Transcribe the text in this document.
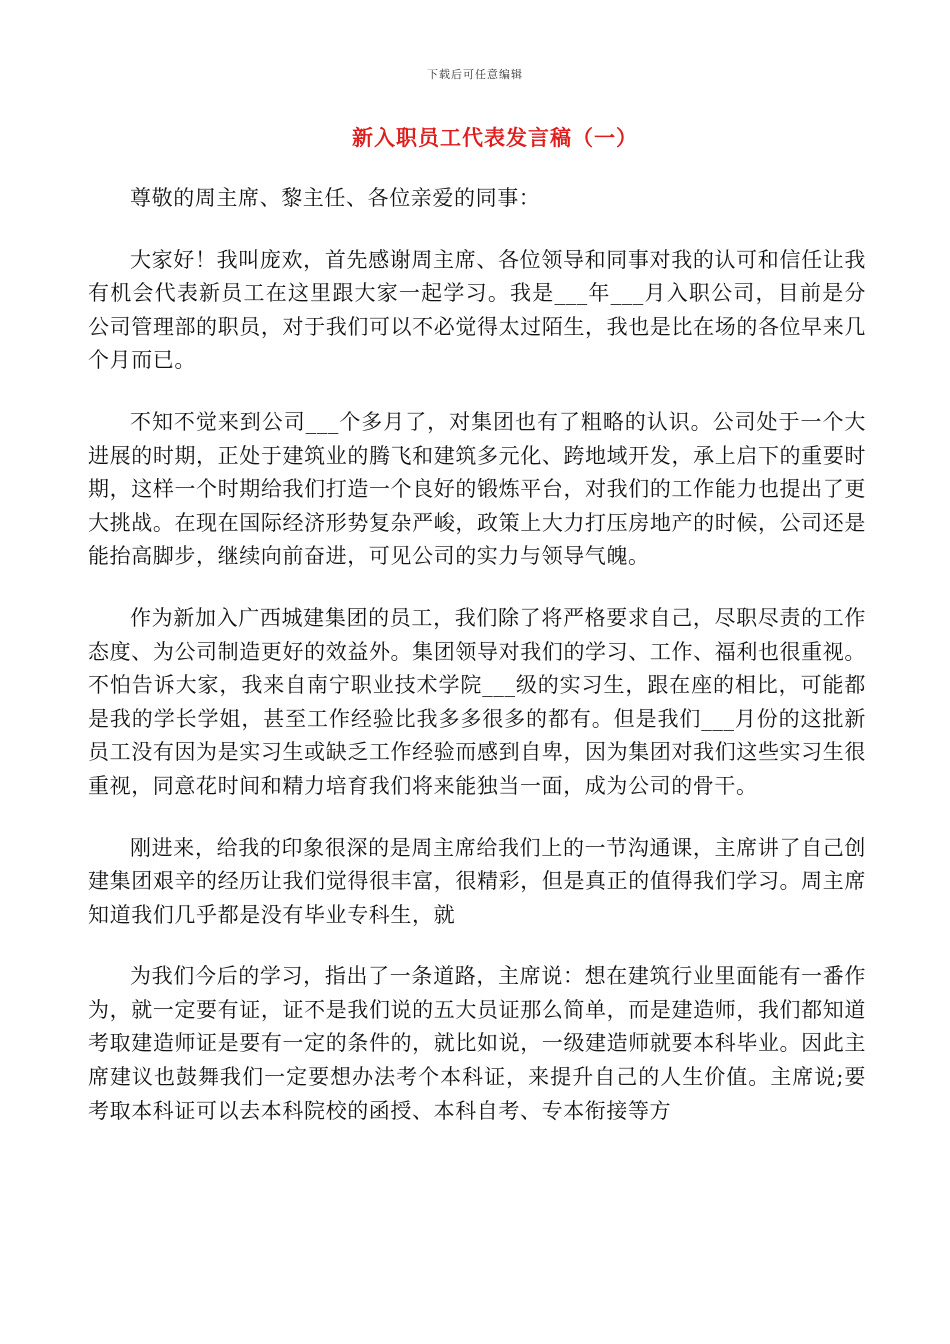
下载后可任意编辑
新入职员工代表发言稿（一）

尊敬的周主席、黎主任、各位亲爱的同事：

大家好！我叫庞欢，首先感谢周主席、各位领导和同事对我的认可和信任让我有机会代表新员工在这里跟大家一起学习。我是___年___月入职公司，目前是分公司管理部的职员，对于我们可以不必觉得太过陌生，我也是比在场的各位早来几个月而已。

不知不觉来到公司___个多月了，对集团也有了粗略的认识。公司处于一个大进展的时期，正处于建筑业的腾飞和建筑多元化、跨地域开发，承上启下的重要时期，这样一个时期给我们打造一个良好的锻炼平台，对我们的工作能力也提出了更大挑战。在现在国际经济形势复杂严峻，政策上大力打压房地产的时候，公司还是能抬高脚步，继续向前奋进，可见公司的实力与领导气魄。

作为新加入广西城建集团的员工，我们除了将严格要求自己，尽职尽责的工作态度、为公司制造更好的效益外。集团领导对我们的学习、工作、福利也很重视。不怕告诉大家，我来自南宁职业技术学院___级的实习生，跟在座的相比，可能都是我的学长学姐，甚至工作经验比我多多很多的都有。但是我们___月份的这批新员工没有因为是实习生或缺乏工作经验而感到自卑，因为集团对我们这些实习生很重视，同意花时间和精力培育我们将来能独当一面，成为公司的骨干。

刚进来，给我的印象很深的是周主席给我们上的一节沟通课，主席讲了自己创建集团艰辛的经历让我们觉得很丰富，很精彩，但是真正的值得我们学习。周主席知道我们几乎都是没有毕业专科生，就

为我们今后的学习，指出了一条道路，主席说：想在建筑行业里面能有一番作为，就一定要有证，证不是我们说的五大员证那么简单，而是建造师，我们都知道考取建造师证是要有一定的条件的，就比如说，一级建造师就要本科毕业。因此主席建议也鼓舞我们一定要想办法考个本科证，来提升自己的人生价值。主席说;要考取本科证可以去本科院校的函授、本科自考、专本衔接等方
